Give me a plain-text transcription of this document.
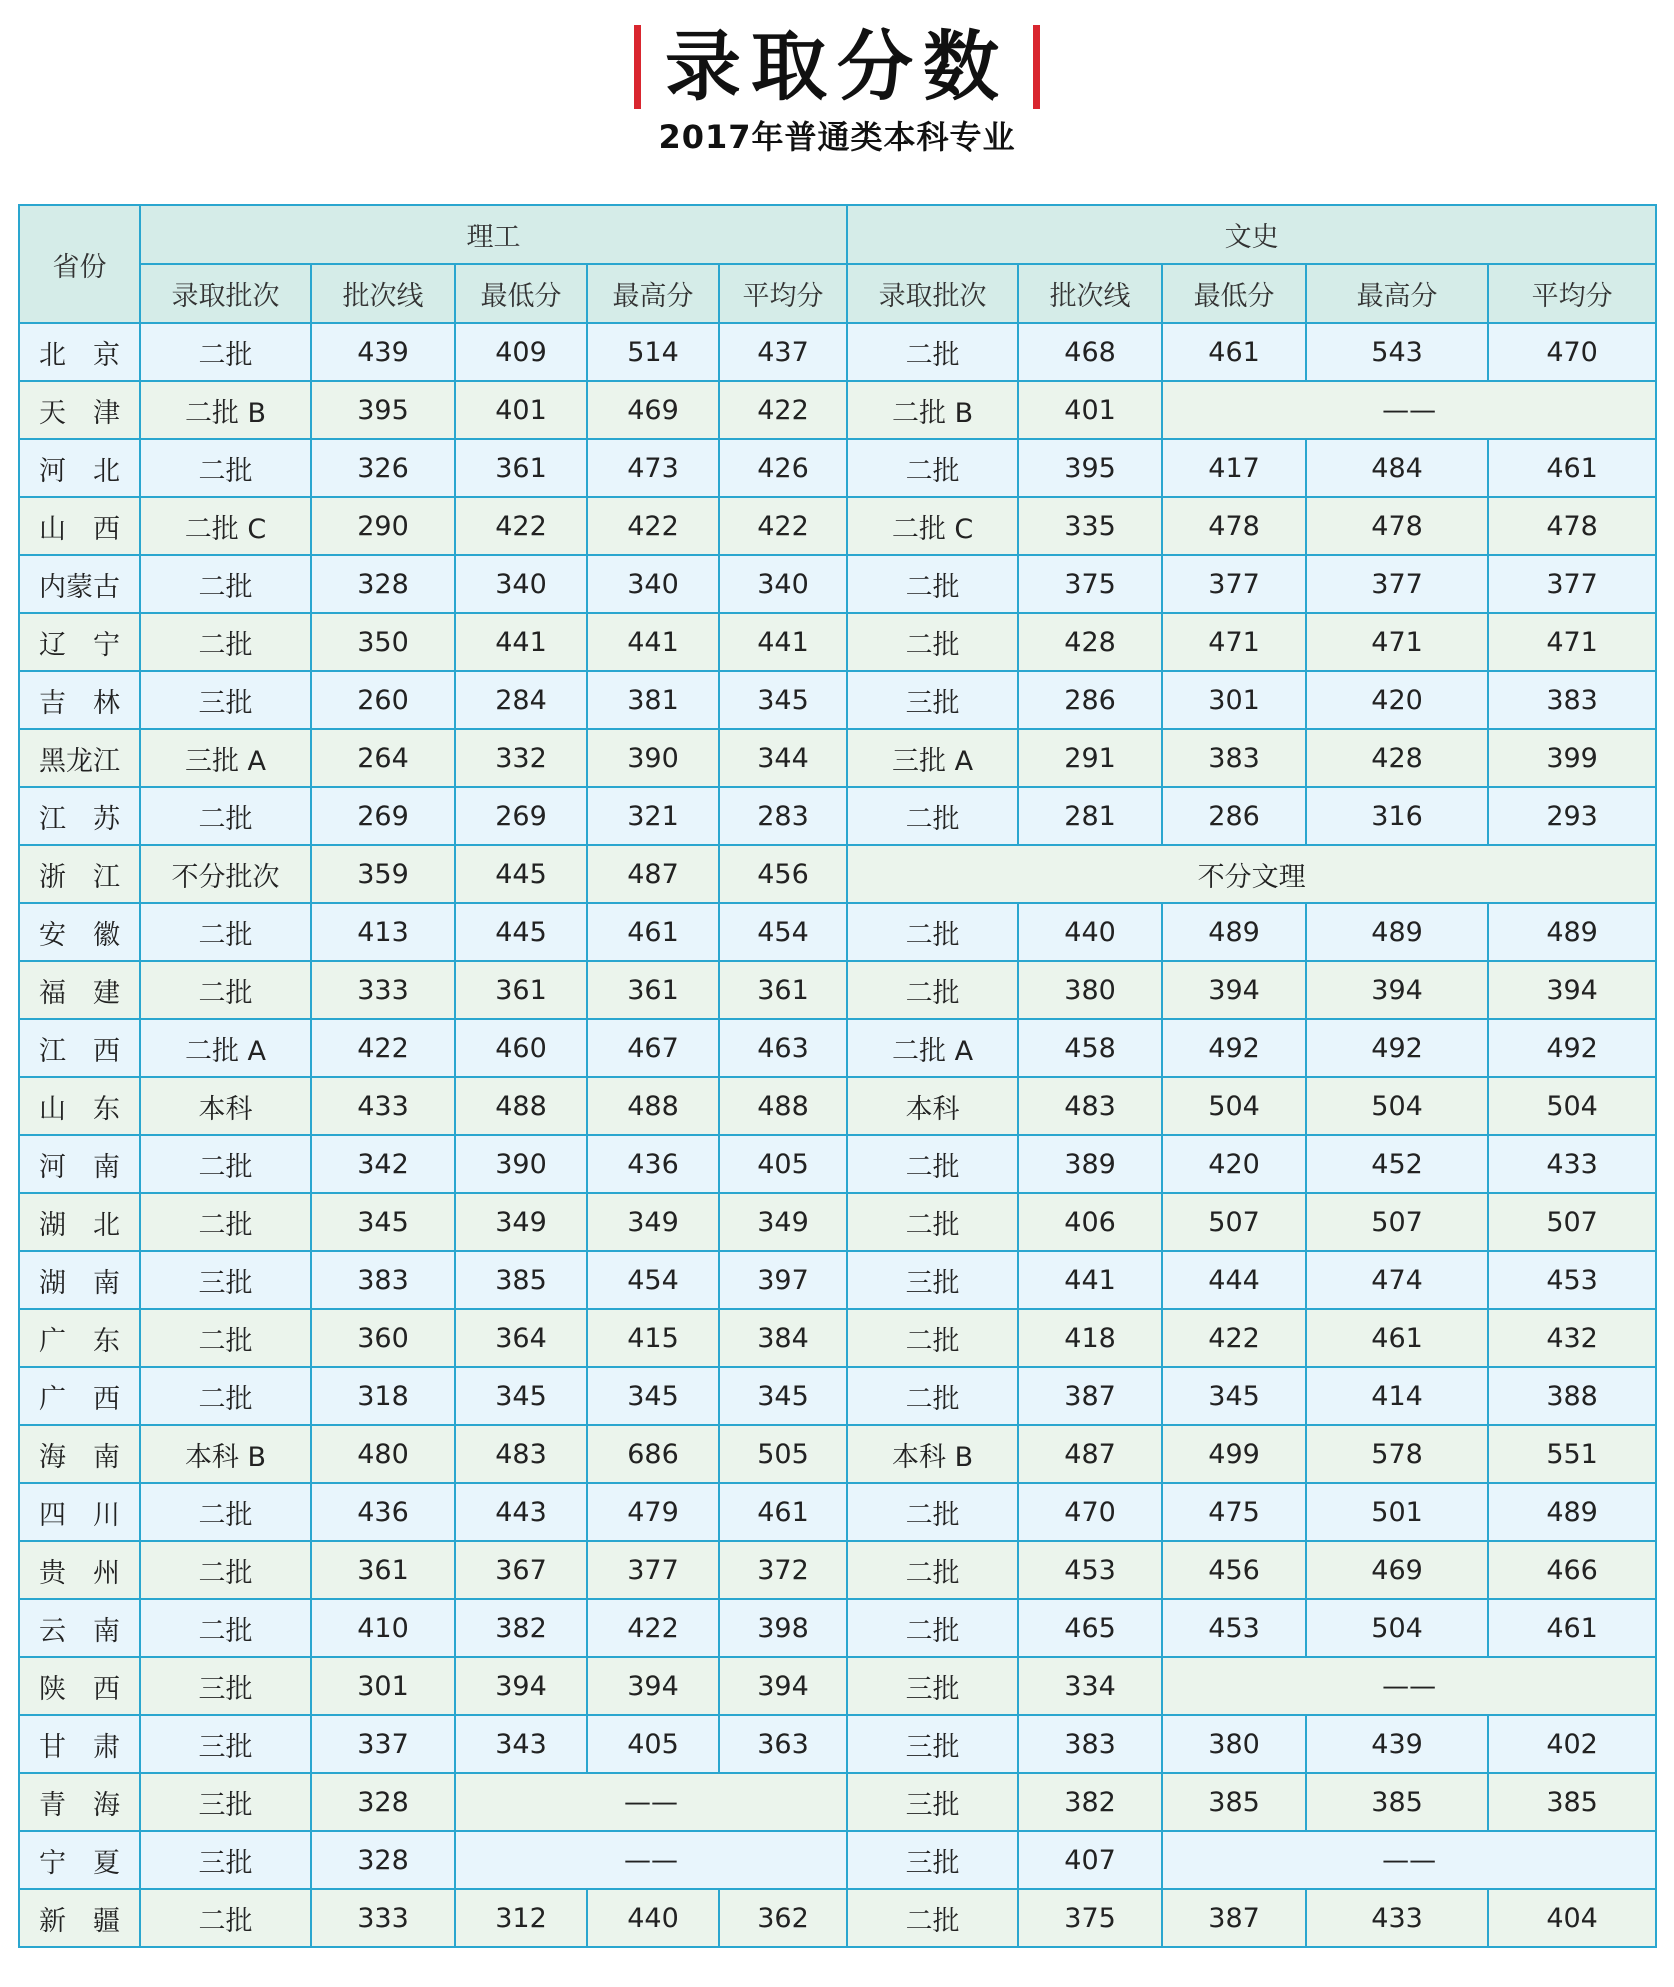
录取分数
2017年普通类本科专业
省份	理工					文史				
	录取批次	批次线	最低分	最高分	平均分	录取批次	批次线	最低分	最高分	平均分
北　京	二批	439	409	514	437	二批	468	461	543	470
天　津	二批 B	395	401	469	422	二批 B	401	——		
河　北	二批	326	361	473	426	二批	395	417	484	461
山　西	二批 C	290	422	422	422	二批 C	335	478	478	478
内蒙古	二批	328	340	340	340	二批	375	377	377	377
辽　宁	二批	350	441	441	441	二批	428	471	471	471
吉　林	三批	260	284	381	345	三批	286	301	420	383
黑龙江	三批 A	264	332	390	344	三批 A	291	383	428	399
江　苏	二批	269	269	321	283	二批	281	286	316	293
浙　江	不分批次	359	445	487	456	不分文理				
安　徽	二批	413	445	461	454	二批	440	489	489	489
福　建	二批	333	361	361	361	二批	380	394	394	394
江　西	二批 A	422	460	467	463	二批 A	458	492	492	492
山　东	本科	433	488	488	488	本科	483	504	504	504
河　南	二批	342	390	436	405	二批	389	420	452	433
湖　北	二批	345	349	349	349	二批	406	507	507	507
湖　南	三批	383	385	454	397	三批	441	444	474	453
广　东	二批	360	364	415	384	二批	418	422	461	432
广　西	二批	318	345	345	345	二批	387	345	414	388
海　南	本科 B	480	483	686	505	本科 B	487	499	578	551
四　川	二批	436	443	479	461	二批	470	475	501	489
贵　州	二批	361	367	377	372	二批	453	456	469	466
云　南	二批	410	382	422	398	二批	465	453	504	461
陕　西	三批	301	394	394	394	三批	334	——		
甘　肃	三批	337	343	405	363	三批	383	380	439	402
青　海	三批	328	——			三批	382	385	385	385
宁　夏	三批	328	——			三批	407	——		
新　疆	二批	333	312	440	362	二批	375	387	433	404
